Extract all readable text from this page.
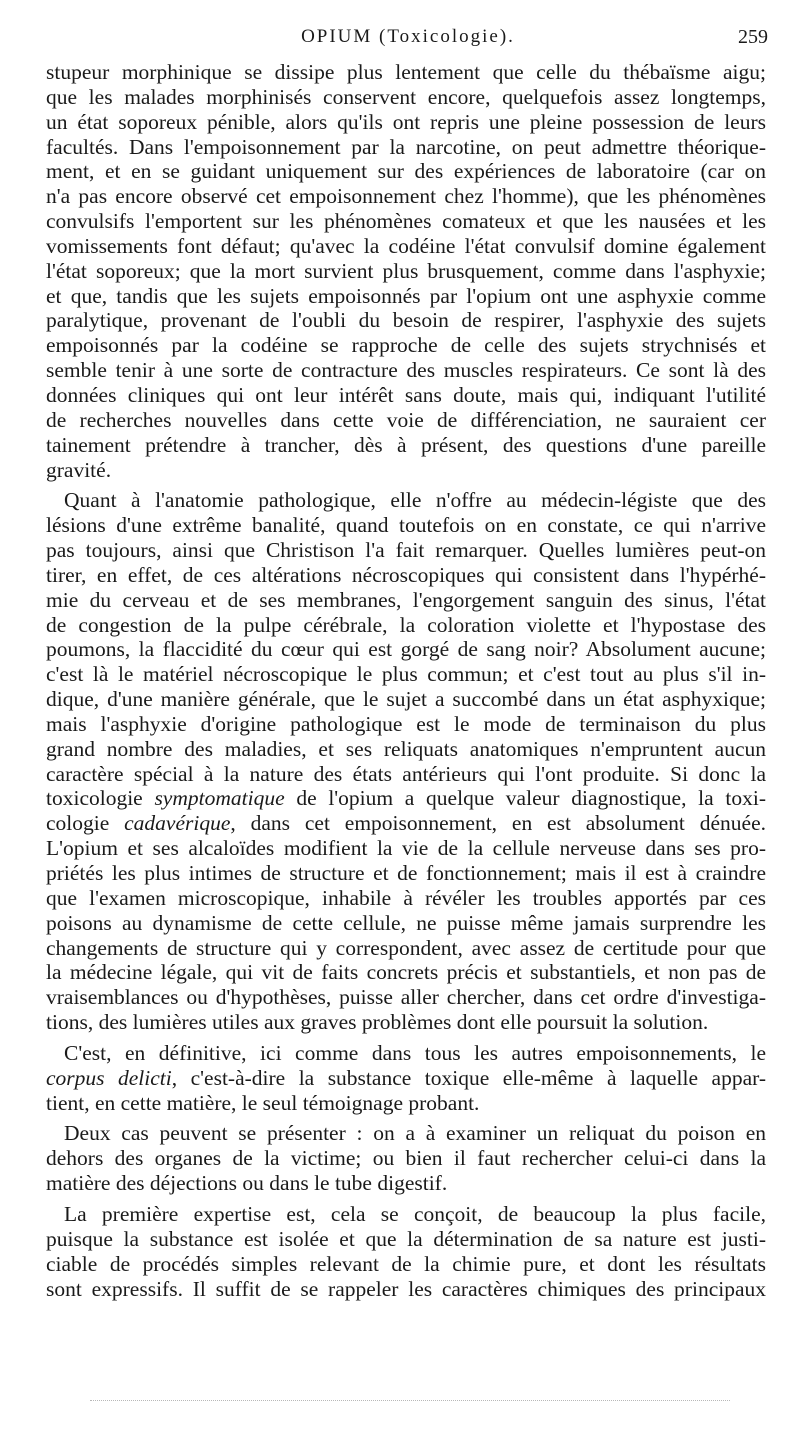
OPIUM (Toxicologie).	259
stupeur morphinique se dissipe plus lentement que celle du thébaïsme aigu;
que les malades morphinisés conservent encore, quelquefois assez longtemps,
un état soporeux pénible, alors qu'ils ont repris une pleine possession de leurs
facultés. Dans l'empoisonnement par la narcotine, on peut admettre théorique-
ment, et en se guidant uniquement sur des expériences de laboratoire (car on
n'a pas encore observé cet empoisonnement chez l'homme), que les phénomènes
convulsifs l'emportent sur les phénomènes comateux et que les nausées et les
vomissements font défaut; qu'avec la codéine l'état convulsif domine également
l'état soporeux; que la mort survient plus brusquement, comme dans l'asphyxie;
et que, tandis que les sujets empoisonnés par l'opium ont une asphyxie comme
paralytique, provenant de l'oubli du besoin de respirer, l'asphyxie des sujets
empoisonnés par la codéine se rapproche de celle des sujets strychnisés et
semble tenir à une sorte de contracture des muscles respirateurs. Ce sont là des
données cliniques qui ont leur intérêt sans doute, mais qui, indiquant l'utilité
de recherches nouvelles dans cette voie de différenciation, ne sauraient cer
tainement prétendre à trancher, dès à présent, des questions d'une pareille
gravité.
Quant à l'anatomie pathologique, elle n'offre au médecin-légiste que des
lésions d'une extrême banalité, quand toutefois on en constate, ce qui n'arrive
pas toujours, ainsi que Christison l'a fait remarquer. Quelles lumières peut-on
tirer, en effet, de ces altérations nécroscopiques qui consistent dans l'hypérhé-
mie du cerveau et de ses membranes, l'engorgement sanguin des sinus, l'état
de congestion de la pulpe cérébrale, la coloration violette et l'hypostase des
poumons, la flaccidité du cœur qui est gorgé de sang noir? Absolument aucune;
c'est là le matériel nécroscopique le plus commun; et c'est tout au plus s'il in-
dique, d'une manière générale, que le sujet a succombé dans un état asphyxique;
mais l'asphyxie d'origine pathologique est le mode de terminaison du plus
grand nombre des maladies, et ses reliquats anatomiques n'empruntent aucun
caractère spécial à la nature des états antérieurs qui l'ont produite. Si donc la
toxicologie symptomatique de l'opium a quelque valeur diagnostique, la toxi-
cologie cadavérique, dans cet empoisonnement, en est absolument dénuée.
L'opium et ses alcaloïdes modifient la vie de la cellule nerveuse dans ses pro-
priétés les plus intimes de structure et de fonctionnement; mais il est à craindre
que l'examen microscopique, inhabile à révéler les troubles apportés par ces
poisons au dynamisme de cette cellule, ne puisse même jamais surprendre les
changements de structure qui y correspondent, avec assez de certitude pour que
la médecine légale, qui vit de faits concrets précis et substantiels, et non pas de
vraisemblances ou d'hypothèses, puisse aller chercher, dans cet ordre d'investiga-
tions, des lumières utiles aux graves problèmes dont elle poursuit la solution.
C'est, en définitive, ici comme dans tous les autres empoisonnements, le
corpus delicti, c'est-à-dire la substance toxique elle-même à laquelle appar-
tient, en cette matière, le seul témoignage probant.
Deux cas peuvent se présenter : on a à examiner un reliquat du poison en
dehors des organes de la victime; ou bien il faut rechercher celui-ci dans la
matière des déjections ou dans le tube digestif.
La première expertise est, cela se conçoit, de beaucoup la plus facile,
puisque la substance est isolée et que la détermination de sa nature est justi-
ciable de procédés simples relevant de la chimie pure, et dont les résultats
sont expressifs. Il suffit de se rappeler les caractères chimiques des principaux
